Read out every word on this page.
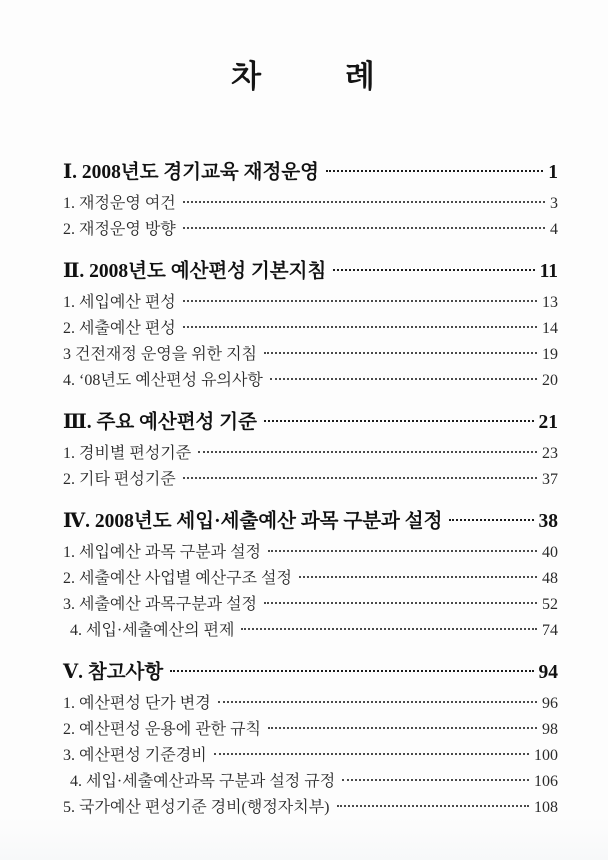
차 례
Ⅰ. 2008년도 경기교육 재정운영	1
1. 재정운영 여건	3
2. 재정운영 방향	4
Ⅱ. 2008년도 예산편성 기본지침	11
1. 세입예산 편성	13
2. 세출예산 편성	14
3 건전재정 운영을 위한 지침	19
4. ‘08년도 예산편성 유의사항	20
Ⅲ. 주요 예산편성 기준	21
1. 경비별 편성기준	23
2. 기타 편성기준	37
Ⅳ. 2008년도 세입·세출예산 과목 구분과 설정	38
1. 세입예산 과목 구분과 설정	40
2. 세출예산 사업별 예산구조 설정	48
3. 세출예산 과목구분과 설정	52
4. 세입·세출예산의 편제	74
Ⅴ. 참고사항	94
1. 예산편성 단가 변경	96
2. 예산편성 운용에 관한 규칙	98
3. 예산편성 기준경비	100
4. 세입·세출예산과목 구분과 설정 규정	106
5. 국가예산 편성기준 경비(행정자치부)	108
